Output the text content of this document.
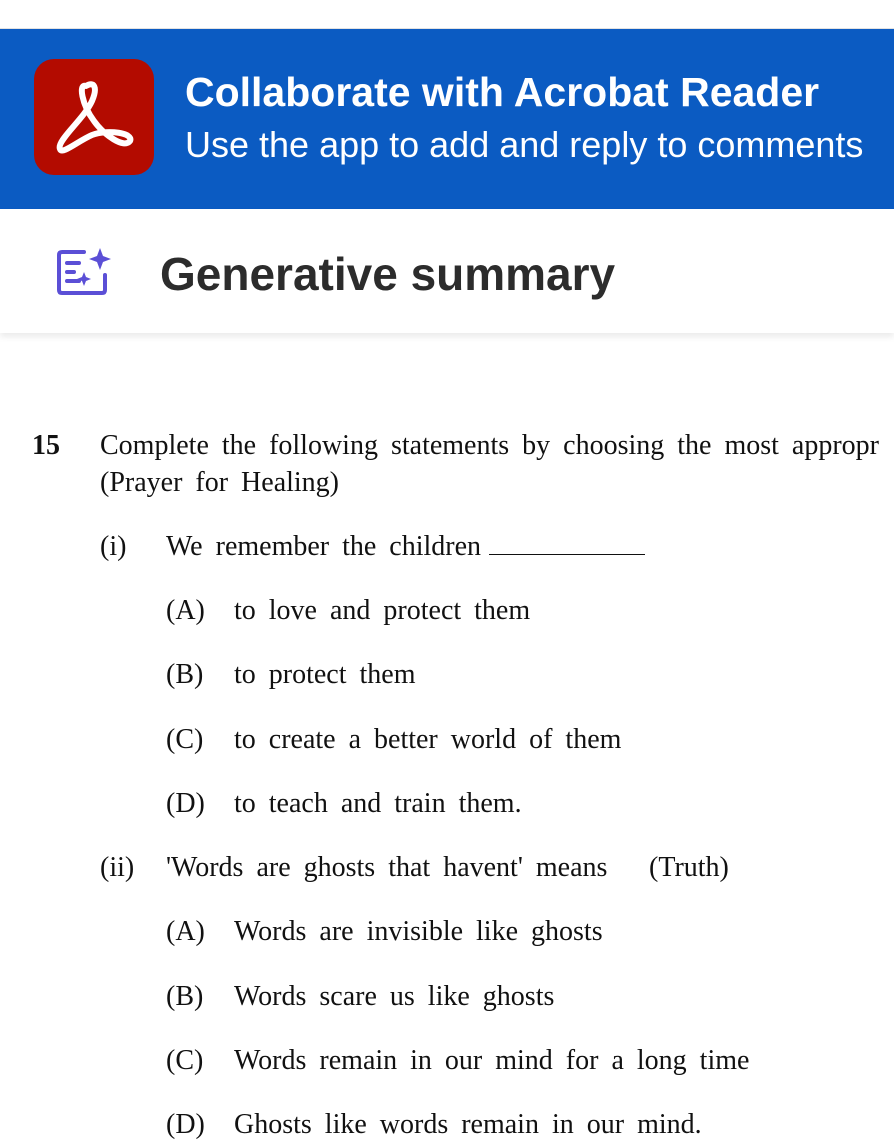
Collaborate with Acrobat Reader
Use the app to add and reply to comments
Generative summary
15 Complete the following statements by choosing the most appropr
(Prayer for Healing)
(i) We remember the children
(A) to love and protect them
(B) to protect them
(C) to create a better world of them
(D) to teach and train them.
(ii) 'Words are ghosts that havent' means (Truth)
(A) Words are invisible like ghosts
(B) Words scare us like ghosts
(C) Words remain in our mind for a long time
(D) Ghosts like words remain in our mind.
